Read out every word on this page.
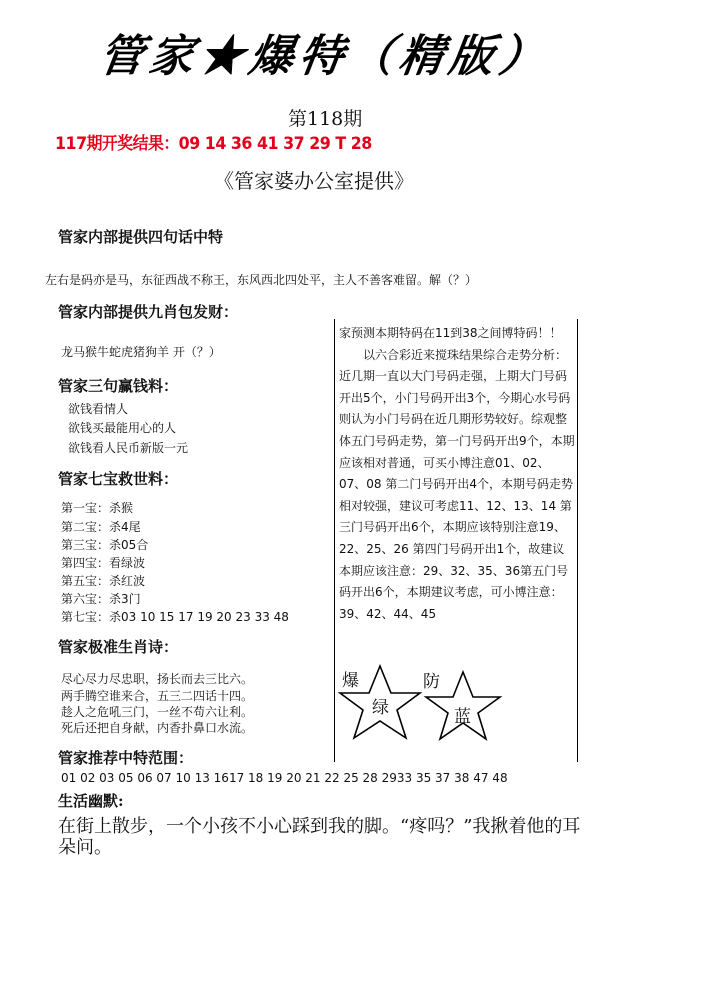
管家★爆特（精版）
第118期
117期开奖结果：09 14 36 41 37 29 T 28
《管家婆办公室提供》
管家内部提供四句话中特
左右是码亦是马，东征西战不称王，东风西北四处平，主人不善客难留。解（？）
管家内部提供九肖包发财：
龙马猴牛蛇虎猪狗羊 开（？）
管家三句赢钱料：
欲钱看情人
欲钱买最能用心的人
欲钱看人民币新版一元
管家七宝救世料：
第一宝：杀猴
第二宝：杀4尾
第三宝：杀05合
第四宝：看绿波
第五宝：杀红波
第六宝：杀3门
第七宝：杀03 10 15 17 19 20 23 33 48
管家极准生肖诗：
尽心尽力尽忠职，扬长而去三比六。
两手腾空谁来合，五三二四话十四。
趁人之危吼三门，一丝不苟六让利。
死后还把自身献，内香扑鼻口水流。
管家推荐中特范围：
01 02 03 05 06 07 10 13 1617 18 19 20 21 22 25 28 2933 35 37 38 47 48
生活幽默:
在街上散步，一个小孩不小心踩到我的脚。“疼吗？”我揪着他的耳朵问。

家预测本期特码在11到38之间博特码！！

以六合彩近来搅珠结果综合走势分析：近几期一直以大门号码走强，上期大门号码开出5个，小门号码开出3个，今期心水号码则认为小门号码在近几期形势较好。综观整体五门号码走势，第一门号码开出9个，本期应该相对普通，可买小博注意01、02、07、08 第二门号码开出4个，本期号码走势相对较强，建议可考虑11、12、13、14 第三门号码开出6个，本期应该特别注意19、22、25、26 第四门号码开出1个，故建议本期应该注意：29、32、35、36第五门号码开出6个，本期建议考虑，可小博注意：39、42、44、45

爆	防
绿	蓝
